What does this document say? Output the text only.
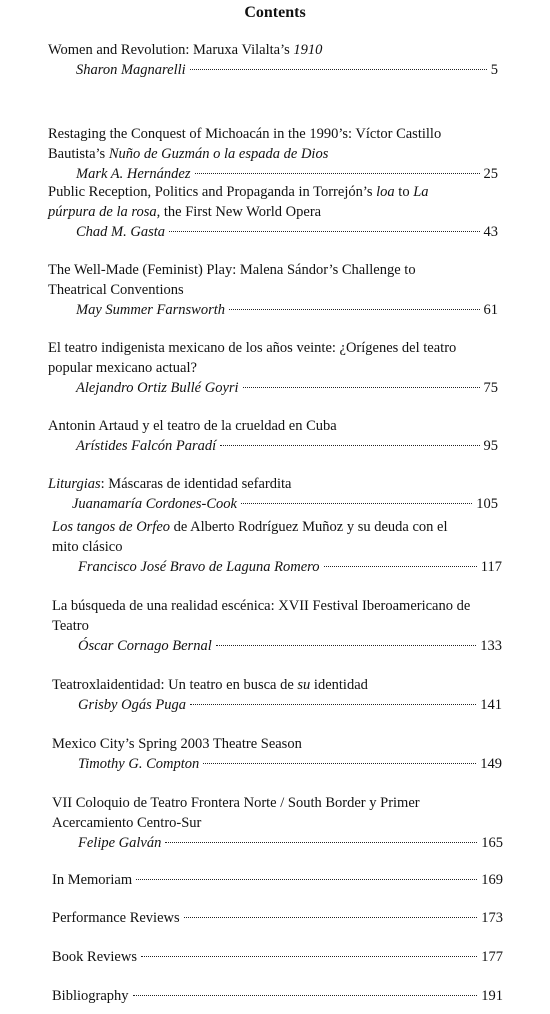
Contents
Women and Revolution: Maruxa Vilalta’s 1910
Sharon Magnarelli	5
Restaging the Conquest of Michoacán in the 1990’s: Víctor Castillo
Bautista’s Nuño de Guzmán o la espada de Dios
Mark A. Hernández	25
Public Reception, Politics and Propaganda in Torrejón’s loa to La
púrpura de la rosa, the First New World Opera
Chad M. Gasta	43
The Well-Made (Feminist) Play: Malena Sándor’s Challenge to
Theatrical Conventions
May Summer Farnsworth	61
El teatro indigenista mexicano de los años veinte: ¿Orígenes del teatro
popular mexicano actual?
Alejandro Ortiz Bullé Goyri	75
Antonin Artaud y el teatro de la crueldad en Cuba
Arístides Falcón Paradí	95
Liturgias: Máscaras de identidad sefardita
Juanamaría Cordones-Cook	105
Los tangos de Orfeo de Alberto Rodríguez Muñoz y su deuda con el
mito clásico
Francisco José Bravo de Laguna Romero	117
La búsqueda de una realidad escénica: XVII Festival Iberoamericano de
Teatro
Óscar Cornago Bernal	133
Teatroxlaidentidad: Un teatro en busca de su identidad
Grisby Ogás Puga	141
Mexico City’s Spring 2003 Theatre Season
Timothy G. Compton	149
VII Coloquio de Teatro Frontera Norte / South Border y Primer
Acercamiento Centro-Sur
Felipe Galván	165
In Memoriam	169
Performance Reviews	173
Book Reviews	177
Bibliography	191
